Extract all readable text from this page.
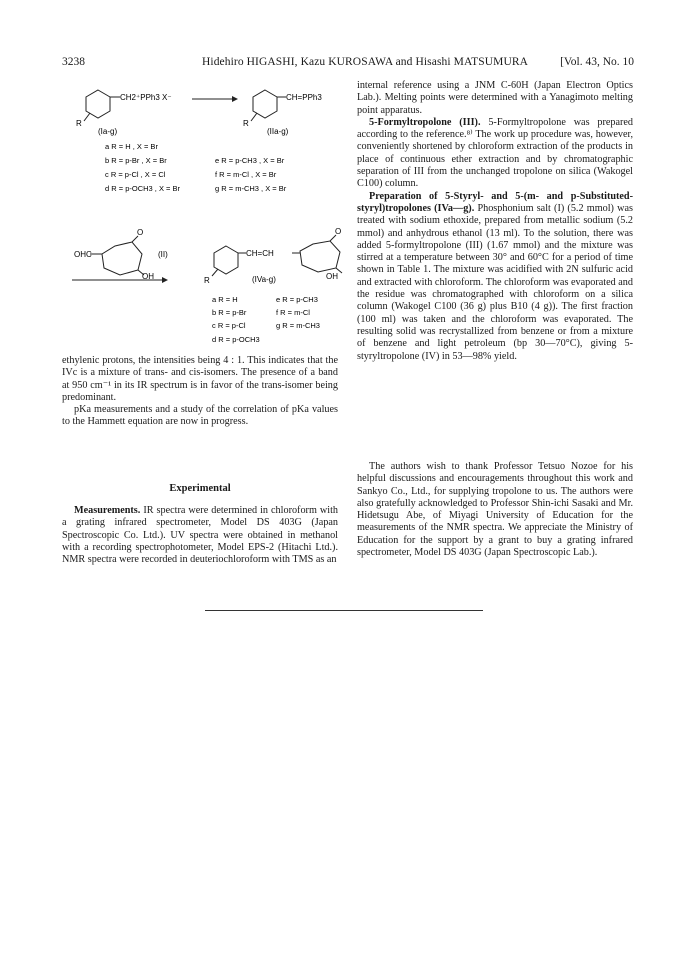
3238	Hidehiro HIGASHI, Kazu KUROSAWA and Hisashi MATSUMURA	[Vol. 43, No. 10
CH2⁺PPh3 X⁻
R
(Ia-g)
CH=PPh3
R
(IIa-g)
a R = H , X = Br
b R = p-Br , X = Br	e R = p-CH3 , X = Br
c R = p-Cl , X = Cl	f R = m-Cl , X = Br
d R = p-OCH3 , X = Br	g R = m-CH3 , X = Br
OHC
O
OH
(II)	CH=CH
O
OH
R	(IVa-g)
a R = H	e R = p-CH3
b R = p-Br	f R = m-Cl
c R = p-Cl	g R = m-CH3
d R = p-OCH3

ethylenic protons, the intensities being 4 : 1. This indicates that the IVc is a mixture of trans- and cis-isomers. The presence of a band at 950 cm⁻¹ in its IR spectrum is in favor of the trans-isomer being predominant.

pKa measurements and a study of the correlation of pKa values to the Hammett equation are now in progress.

Experimental

Measurements. IR spectra were determined in chloroform with a grating infrared spectrometer, Model DS 403G (Japan Spectroscopic Co. Ltd.). UV spectra were obtained in methanol with a recording spectrophotometer, Model EPS-2 (Hitachi Ltd.). NMR spectra were recorded in deuteriochloroform with TMS as an

internal reference using a JNM C-60H (Japan Electron Optics Lab.). Melting points were determined with a Yanagimoto melting point apparatus.

5-Formyltropolone (III). 5-Formyltropolone was prepared according to the reference.⁸⁾ The work up procedure was, however, conveniently shortened by chloroform extraction of the products in place of continuous ether extraction and by chromatographic separation of III from the unchanged tropolone on silica (Wakogel C100) column.

Preparation of 5-Styryl- and 5-(m- and p-Substituted-styryl)tropolones (IVa—g). Phosphonium salt (I) (5.2 mmol) was treated with sodium ethoxide, prepared from metallic sodium (5.2 mmol) and anhydrous ethanol (13 ml). To the solution, there was added 5-formyltropolone (III) (1.67 mmol) and the mixture was stirred at a temperature between 30° and 60°C for a period of time shown in Table 1. The mixture was acidified with 2N sulfuric acid and extracted with chloroform. The chloroform was evaporated and the residue was chromatographed with chloroform on a silica column (Wakogel C100 (36 g) plus B10 (4 g)). The first fraction (100 ml) was taken and the chloroform was evaporated. The resulting solid was recrystallized from benzene or from a mixture of benzene and light petroleum (bp 30—70°C), giving 5-styryltropolone (IV) in 53—98% yield.

The authors wish to thank Professor Tetsuo Nozoe for his helpful discussions and encouragements throughout this work and Sankyo Co., Ltd., for supplying tropolone to us. The authors were also gratefully acknowledged to Professor Shin-ichi Sasaki and Mr. Hidetsugu Abe, of Miyagi University of Education for the measurements of the NMR spectra. We appreciate the Ministry of Education for the support by a grant to buy a grating infrared spectrometer, Model DS 403G (Japan Spectroscopic Lab.).
